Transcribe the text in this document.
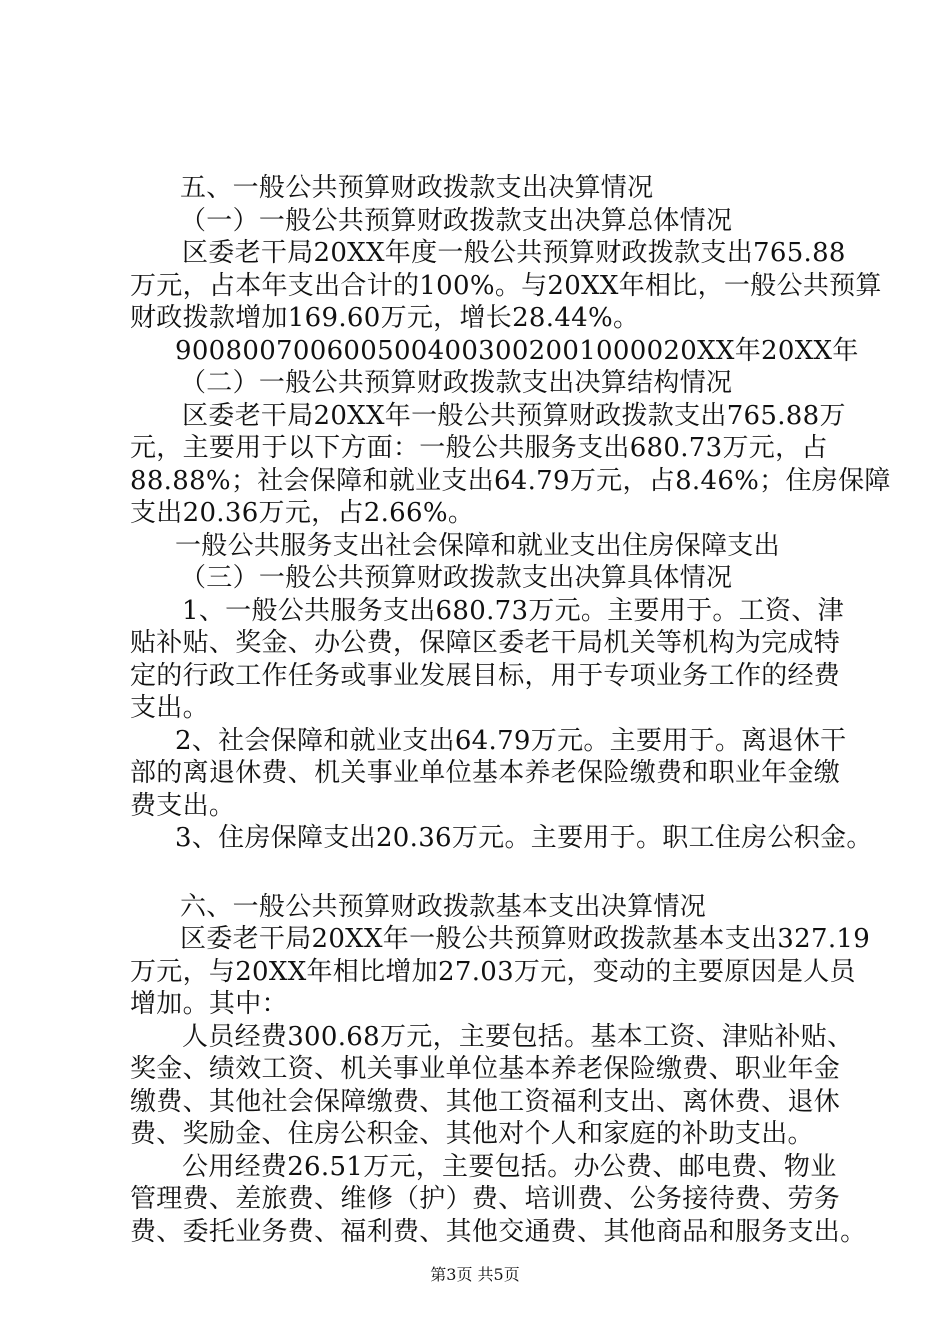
五、一般公共预算财政拨款支出决算情况
（一）一般公共预算财政拨款支出决算总体情况
区委老干局20XX年度一般公共预算财政拨款支出765.88
万元，占本年支出合计的100%。与20XX年相比，一般公共预算
财政拨款增加169.60万元，增长28.44%。
9008007006005004003002001000020XX年20XX年
（二）一般公共预算财政拨款支出决算结构情况
区委老干局20XX年一般公共预算财政拨款支出765.88万
元，主要用于以下方面：一般公共服务支出680.73万元，占
88.88%；社会保障和就业支出64.79万元，占8.46%；住房保障
支出20.36万元，占2.66%。
一般公共服务支出社会保障和就业支出住房保障支出
（三）一般公共预算财政拨款支出决算具体情况
1、一般公共服务支出680.73万元。主要用于。工资、津
贴补贴、奖金、办公费，保障区委老干局机关等机构为完成特
定的行政工作任务或事业发展目标，用于专项业务工作的经费
支出。
2、社会保障和就业支出64.79万元。主要用于。离退休干
部的离退休费、机关事业单位基本养老保险缴费和职业年金缴
费支出。
3、住房保障支出20.36万元。主要用于。职工住房公积金。
六、一般公共预算财政拨款基本支出决算情况
区委老干局20XX年一般公共预算财政拨款基本支出327.19
万元，与20XX年相比增加27.03万元，变动的主要原因是人员
增加。其中：
人员经费300.68万元，主要包括。基本工资、津贴补贴、
奖金、绩效工资、机关事业单位基本养老保险缴费、职业年金
缴费、其他社会保障缴费、其他工资福利支出、离休费、退休
费、奖励金、住房公积金、其他对个人和家庭的补助支出。
公用经费26.51万元，主要包括。办公费、邮电费、物业
管理费、差旅费、维修（护）费、培训费、公务接待费、劳务
费、委托业务费、福利费、其他交通费、其他商品和服务支出。
第3页 共5页
